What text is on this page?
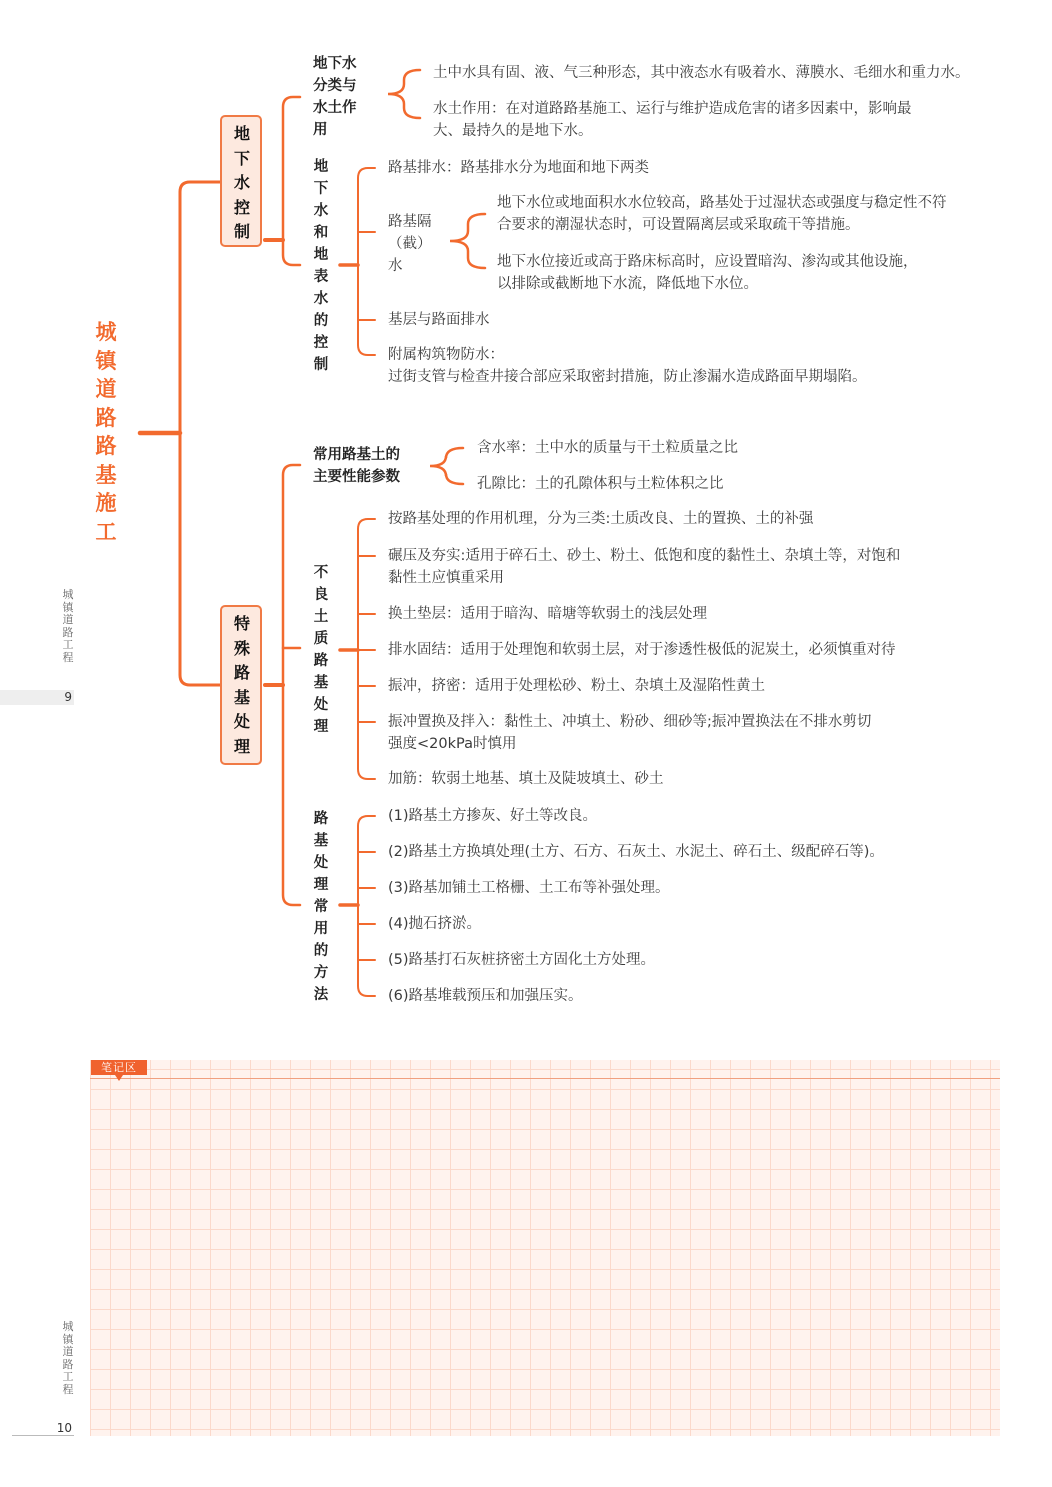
城镇道路路基施工
地下水控制
特殊路基处理
地下水
分类与
水土作
用
土中水具有固、液、气三种形态，其中液态水有吸着水、薄膜水、毛细水和重力水。
水土作用：在对道路路基施工、运行与维护造成危害的诸多因素中，影响最
大、最持久的是地下水。
地下水和地表水的控制
路基排水：路基排水分为地面和地下两类
路基隔
（截）
水
地下水位或地面积水水位较高，路基处于过湿状态或强度与稳定性不符
合要求的潮湿状态时，可设置隔离层或采取疏干等措施。
地下水位接近或高于路床标高时，应设置暗沟、渗沟或其他设施，
以排除或截断地下水流，降低地下水位。
基层与路面排水
附属构筑物防水：
过街支管与检查井接合部应采取密封措施，防止渗漏水造成路面早期塌陷。
常用路基土的
主要性能参数
含水率：土中水的质量与干土粒质量之比
孔隙比：土的孔隙体积与土粒体积之比
不良土质路基处理
按路基处理的作用机理，分为三类:土质改良、土的置换、土的补强
碾压及夯实:适用于碎石土、砂土、粉土、低饱和度的黏性土、杂填土等，对饱和
黏性土应慎重采用
换土垫层：适用于暗沟、暗塘等软弱土的浅层处理
排水固结：适用于处理饱和软弱土层，对于渗透性极低的泥炭土，必须慎重对待
振冲，挤密：适用于处理松砂、粉土、杂填土及湿陷性黄土
振冲置换及拌入：黏性土、冲填土、粉砂、细砂等;振冲置换法在不排水剪切
强度<20kPa时慎用
加筋：软弱土地基、填土及陡坡填土、砂土
路基处理常用的方法
(1)路基土方掺灰、好土等改良。
(2)路基土方换填处理(土方、石方、石灰土、水泥土、碎石土、级配碎石等)。
(3)路基加铺土工格栅、土工布等补强处理。
(4)抛石挤淤。
(5)路基打石灰桩挤密土方固化土方处理。
(6)路基堆载预压和加强压实。
城镇道路工程
9
城镇道路工程
10
笔记区
